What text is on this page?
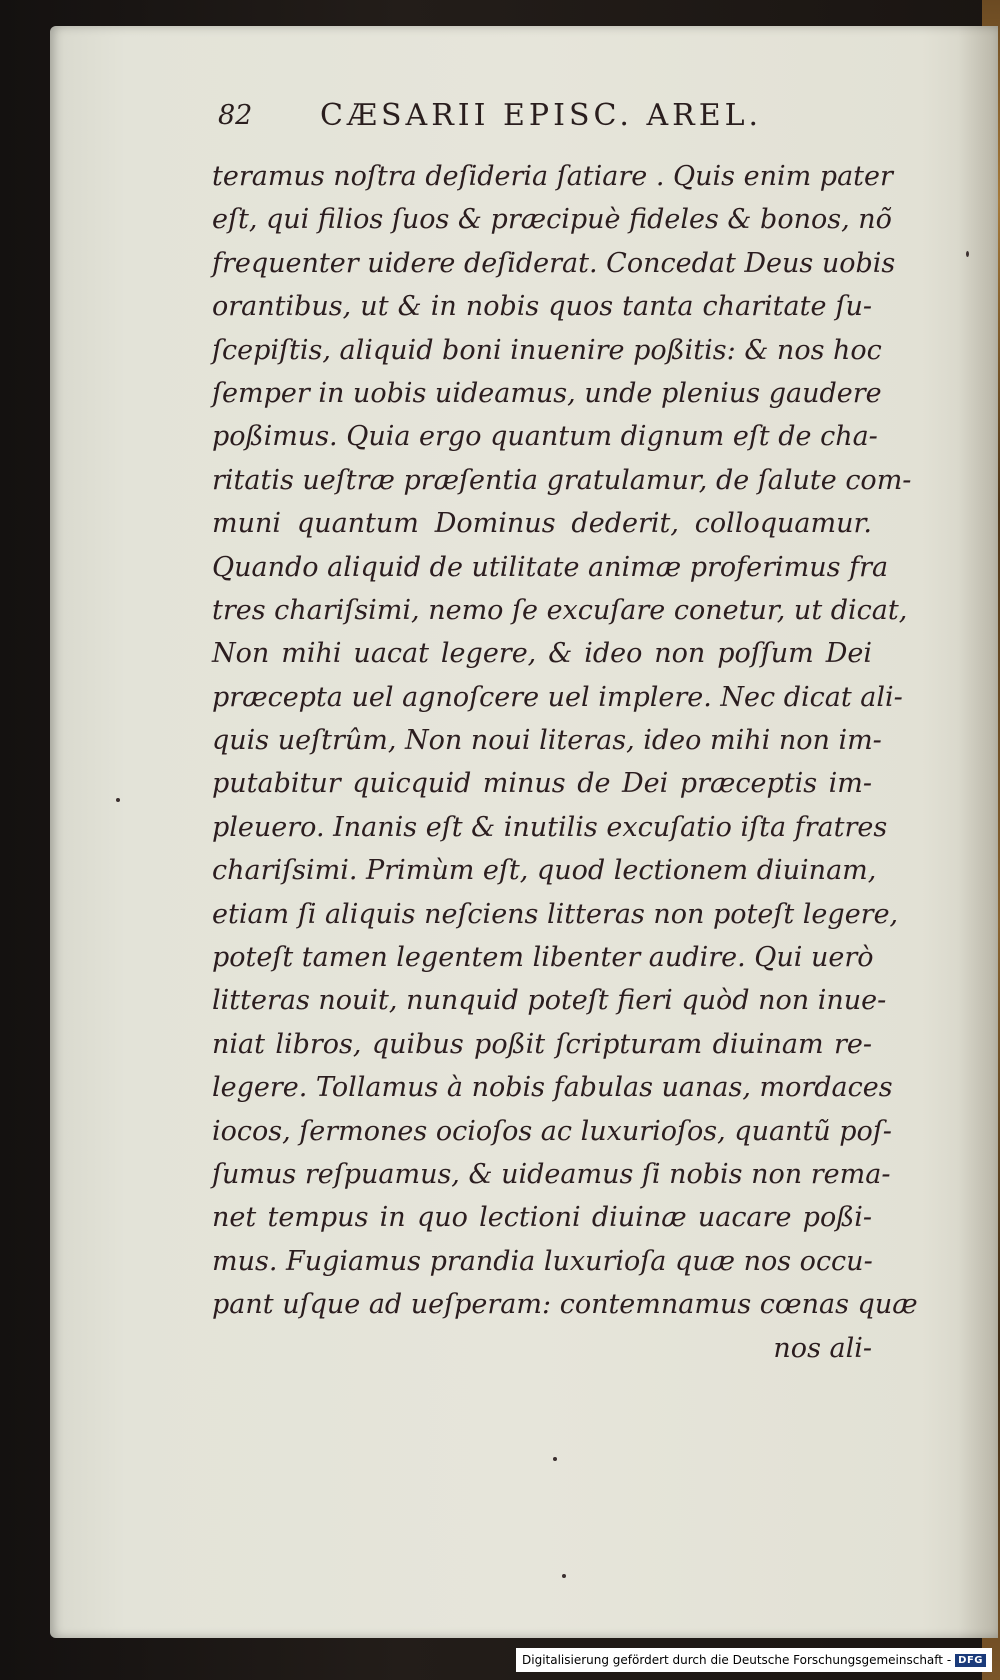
82 CÆSARII EPISC. AREL.
teramus noſtra deſideria ſatiare . Quis enim pater
eſt, qui filios ſuos & præcipuè fideles & bonos, nõ
frequenter uidere deſiderat. Concedat Deus uobis
orantibus, ut & in nobis quos tanta charitate ſu-
ſcepiſtis, aliquid boni inuenire poßitis: & nos hoc
ſemper in uobis uideamus, unde plenius gaudere
poßimus. Quia ergo quantum dignum eſt de cha-
ritatis ueſtræ præſentia gratulamur, de ſalute com-
muni quantum Dominus dederit, colloquamur.
Quando aliquid de utilitate animæ proferimus fra
tres chariſsimi, nemo ſe excuſare conetur, ut dicat,
Non mihi uacat legere, & ideo non poſſum Dei
præcepta uel agnoſcere uel implere. Nec dicat ali-
quis ueſtrûm, Non noui literas, ideo mihi non im-
putabitur quicquid minus de Dei præceptis im-
pleuero. Inanis eſt & inutilis excuſatio iſta fratres
chariſsimi. Primùm eſt, quod lectionem diuinam,
etiam ſi aliquis neſciens litteras non poteſt legere,
poteſt tamen legentem libenter audire. Qui uerò
litteras nouit, nunquid poteſt fieri quòd non inue-
niat libros, quibus poßit ſcripturam diuinam re-
legere. Tollamus à nobis fabulas uanas, mordaces
iocos, ſermones ocioſos ac luxurioſos, quantũ poſ-
ſumus reſpuamus, & uideamus ſi nobis non rema-
net tempus in quo lectioni diuinæ uacare poßi-
mus. Fugiamus prandia luxurioſa quæ nos occu-
pant uſque ad ueſperam: contemnamus cœnas quæ
nos ali-
Digitalisierung gefördert durch die Deutsche Forschungsgemeinschaft - DFG
